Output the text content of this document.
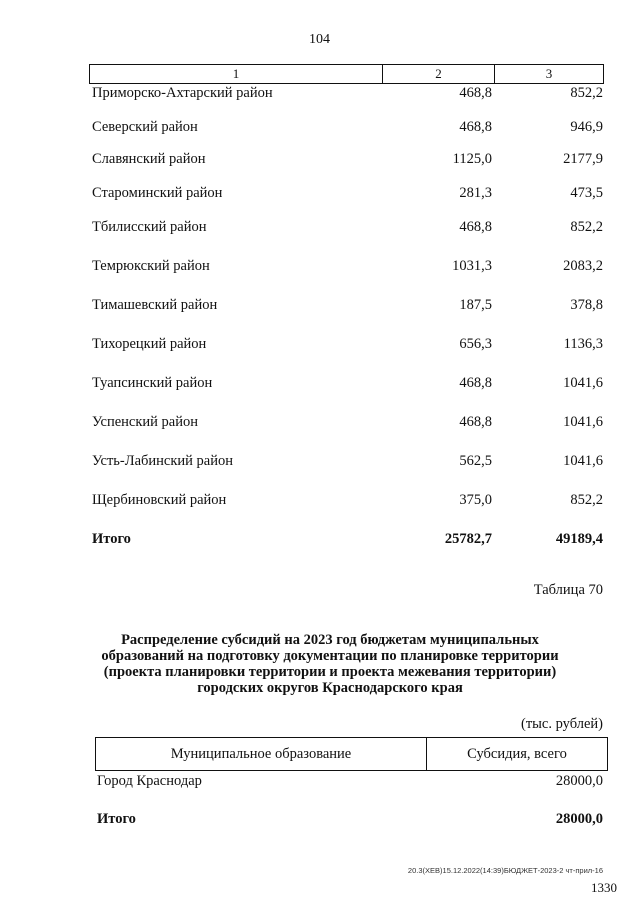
104
1	2	3
Приморско-Ахтарский район	468,8	852,2
Северский район	468,8	946,9
Славянский район	1125,0	2177,9
Староминский район	281,3	473,5
Тбилисский район	468,8	852,2
Темрюкский район	1031,3	2083,2
Тимашевский район	187,5	378,8
Тихорецкий район	656,3	1136,3
Туапсинский район	468,8	1041,6
Успенский район	468,8	1041,6
Усть-Лабинский район	562,5	1041,6
Щербиновский район	375,0	852,2
Итого	25782,7	49189,4
Таблица 70
Распределение субсидий на 2023 год бюджетам муниципальных
образований на подготовку документации по планировке территории
(проекта планировки территории и проекта межевания территории)
городских округов Краснодарского края
(тыс. рублей)
Муниципальное образование	Субсидия, всего
Город Краснодар	28000,0
Итого	28000,0
20.3(ХЕВ)15.12.2022(14:39)БЮДЖЕТ-2023-2 чт-прил-16
1330
